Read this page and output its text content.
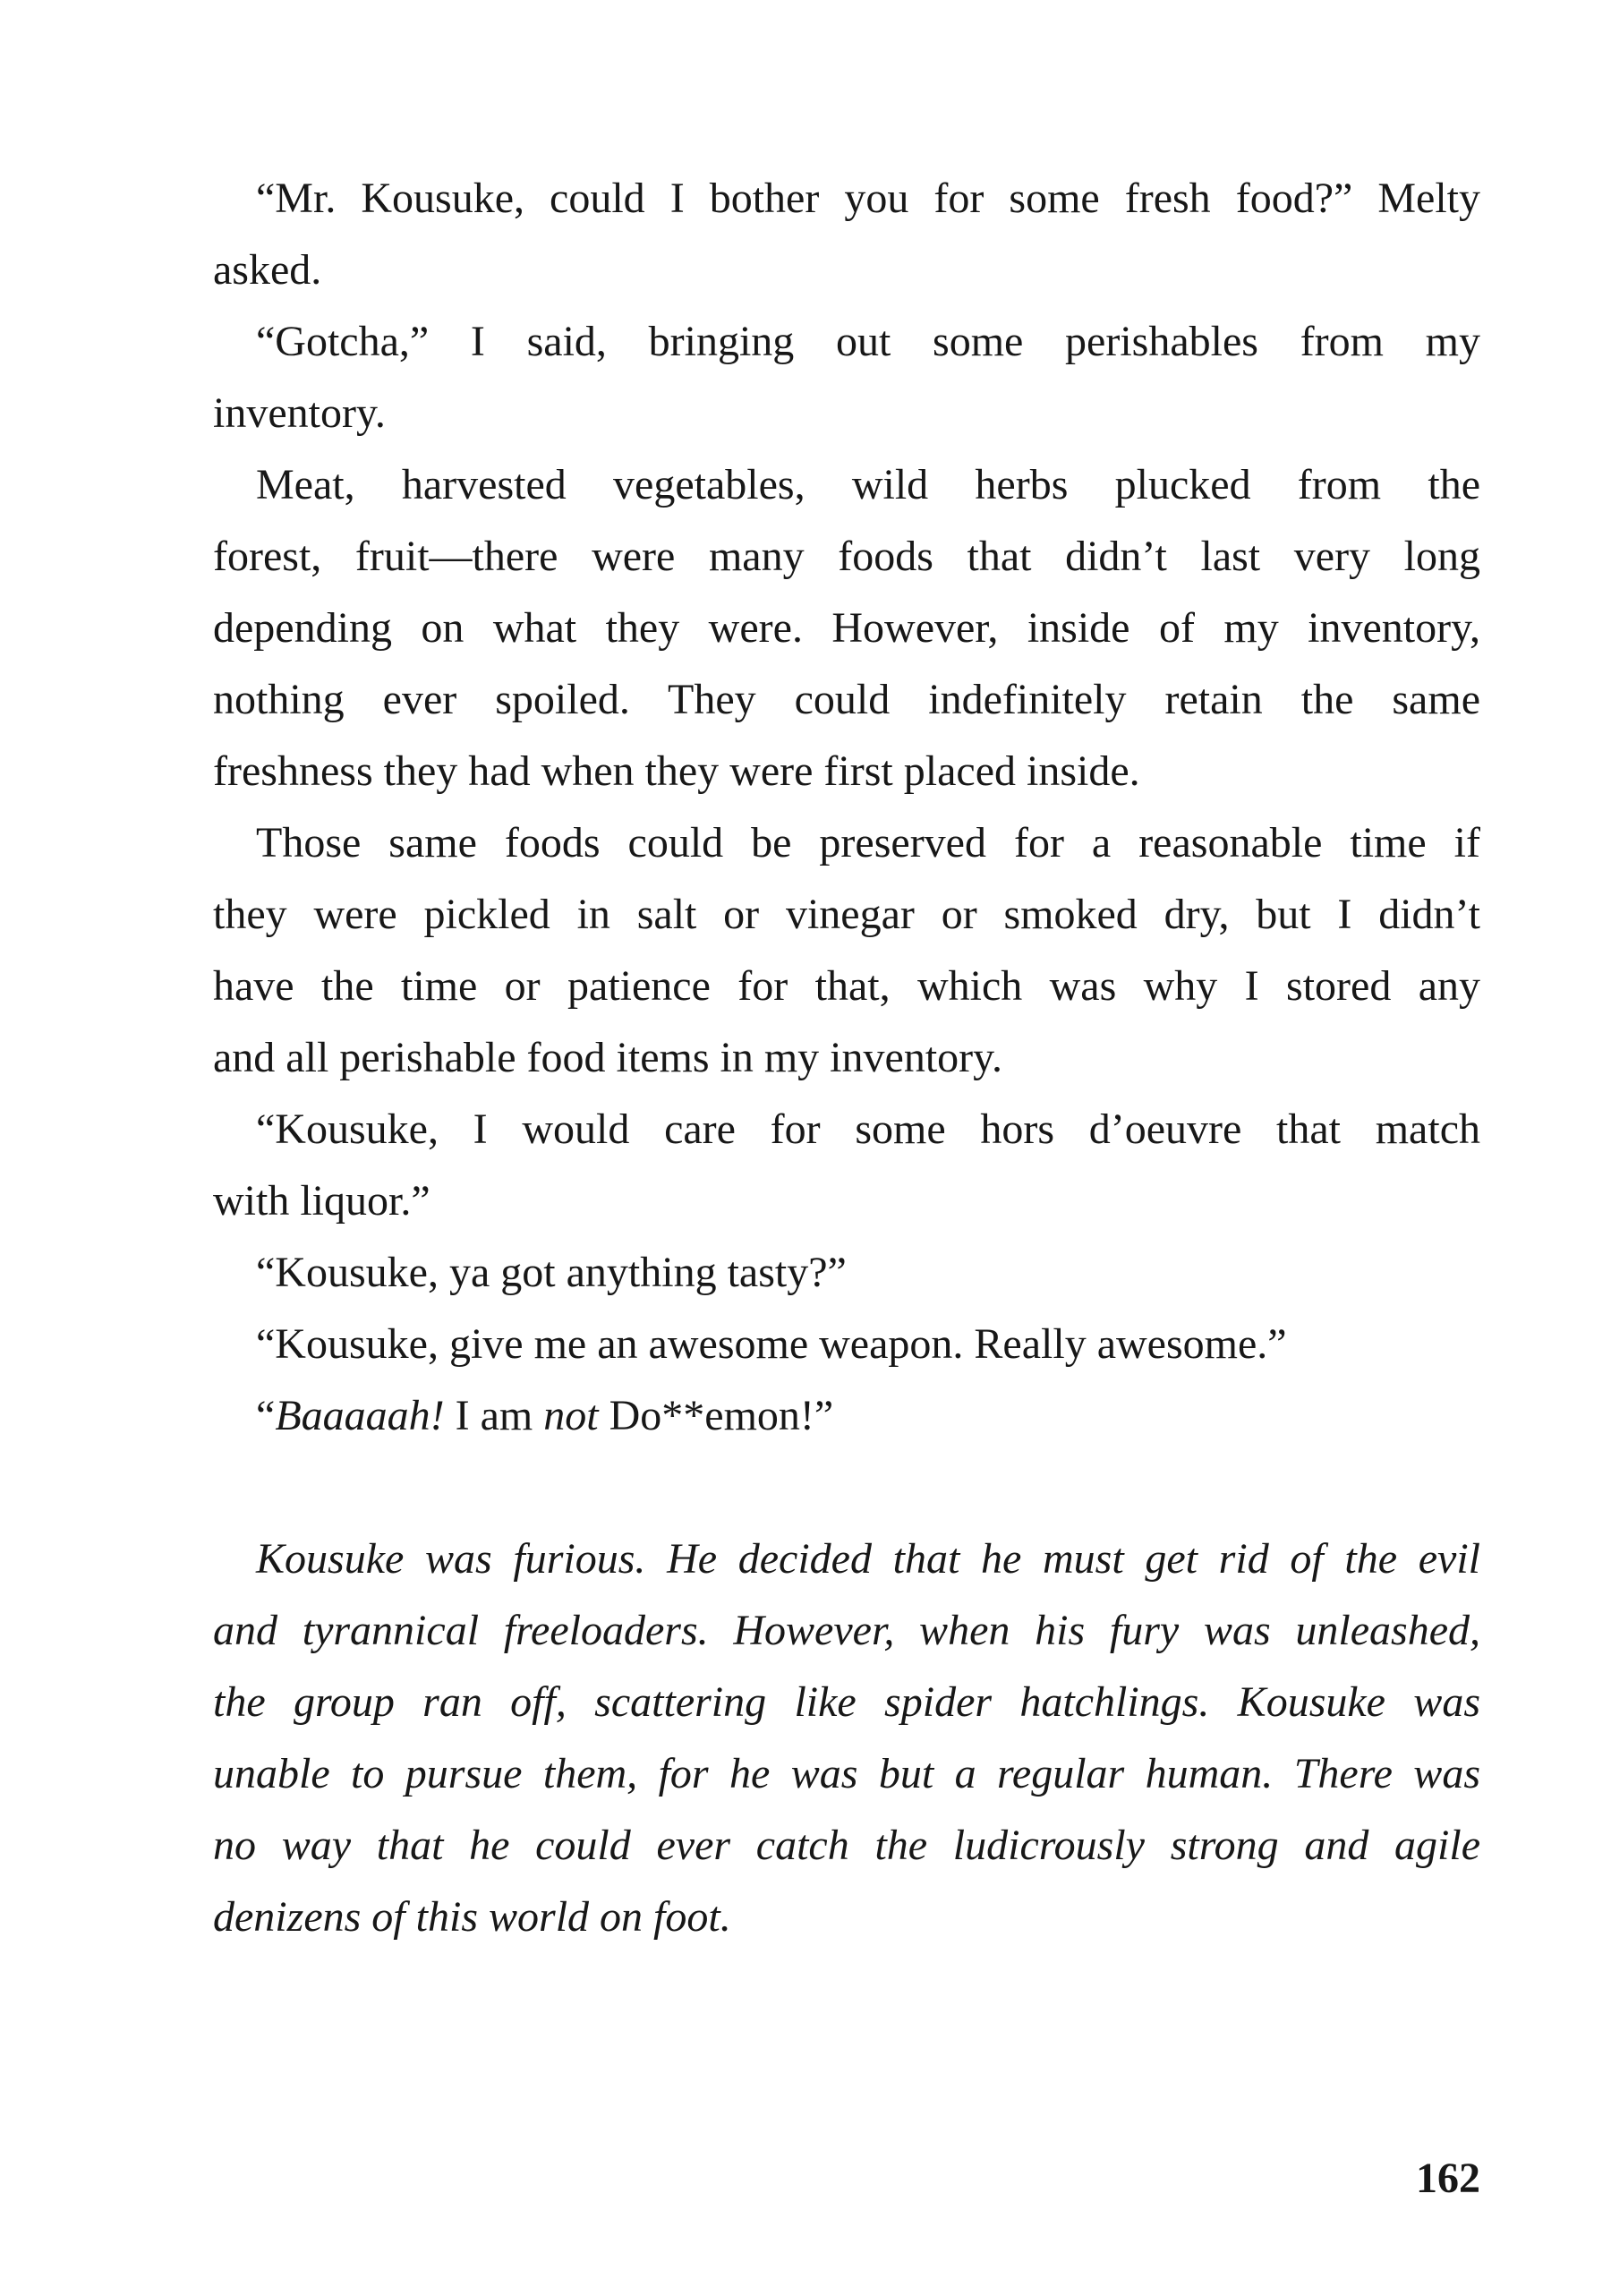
“Mr. Kousuke, could I bother you for some fresh food?” Melty
asked.
“Gotcha,” I said, bringing out some perishables from my
inventory.
Meat, harvested vegetables, wild herbs plucked from the
forest, fruit—there were many foods that didn’t last very long
depending on what they were. However, inside of my inventory,
nothing ever spoiled. They could indefinitely retain the same
freshness they had when they were first placed inside.
Those same foods could be preserved for a reasonable time if
they were pickled in salt or vinegar or smoked dry, but I didn’t
have the time or patience for that, which was why I stored any
and all perishable food items in my inventory.
“Kousuke, I would care for some hors d’oeuvre that match
with liquor.”
“Kousuke, ya got anything tasty?”
“Kousuke, give me an awesome weapon. Really awesome.”
“Baaaaah! I am not Do**emon!”
Kousuke was furious. He decided that he must get rid of the evil
and tyrannical freeloaders. However, when his fury was unleashed,
the group ran off, scattering like spider hatchlings. Kousuke was
unable to pursue them, for he was but a regular human. There was
no way that he could ever catch the ludicrously strong and agile
denizens of this world on foot.
162
